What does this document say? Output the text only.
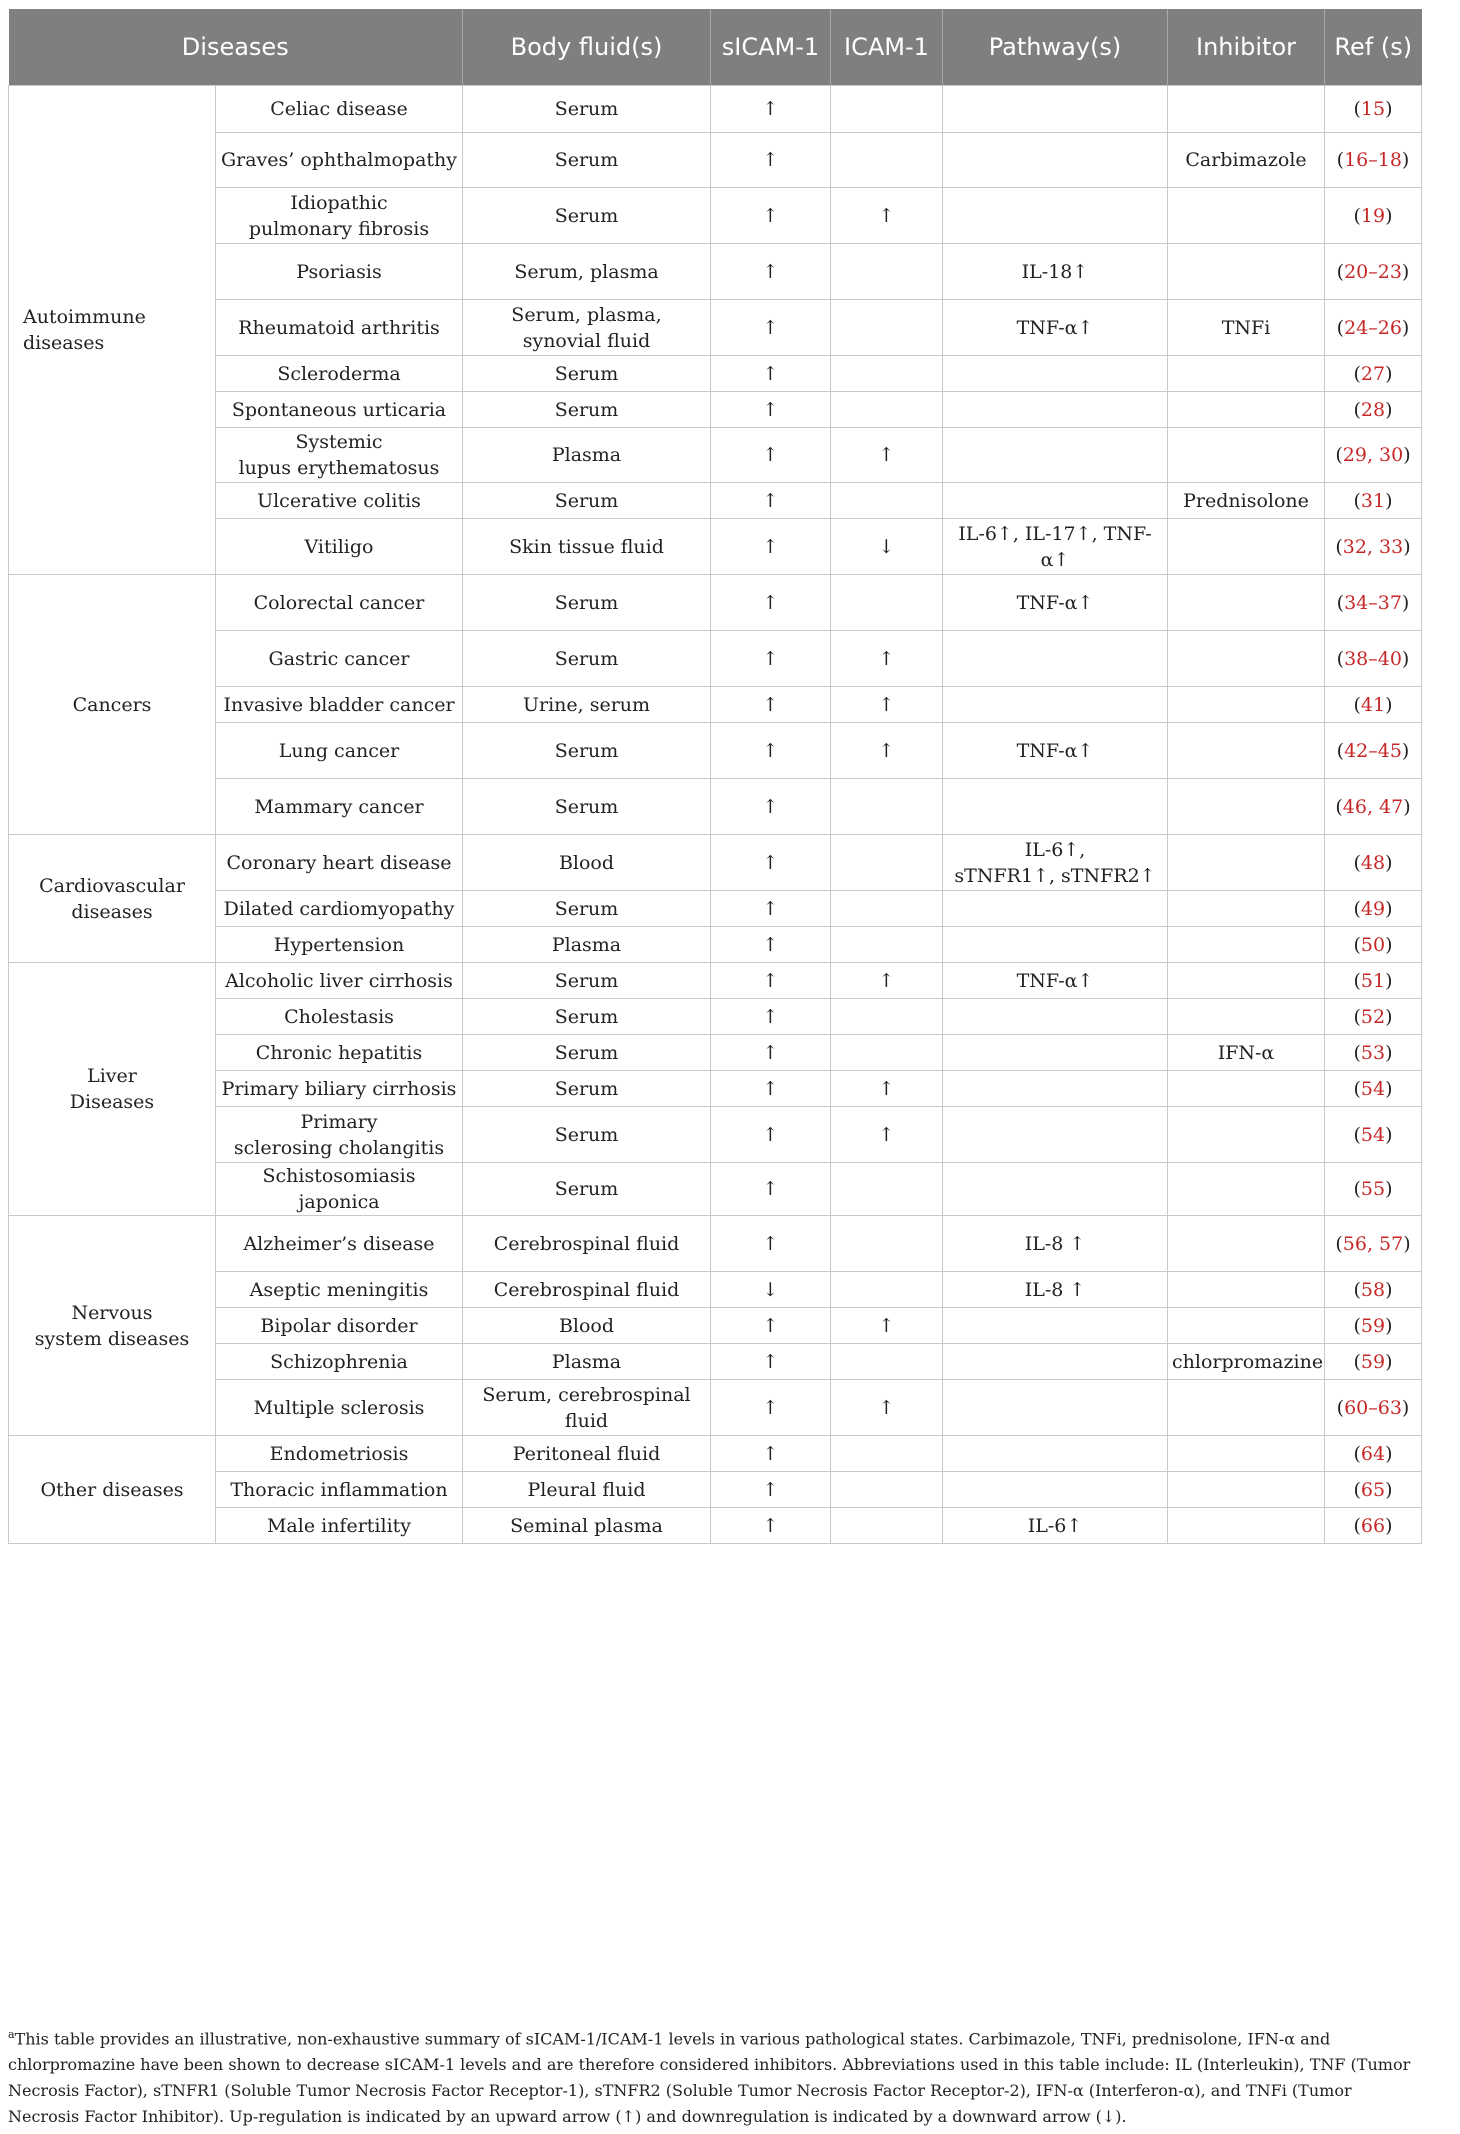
Diseases		Body fluid(s)	sICAM-1	ICAM-1	Pathway(s)	Inhibitor	Ref (s)
Autoimmune diseases	Celiac disease	Serum	↑				(15)
	Graves’ ophthalmopathy	Serum	↑			Carbimazole	(16–18)
	Idiopathic
pulmonary fibrosis	Serum	↑	↑			(19)
	Psoriasis	Serum, plasma	↑		IL-18↑		(20–23)
	Rheumatoid arthritis	Serum, plasma,
synovial fluid	↑		TNF-α↑	TNFi	(24–26)
	Scleroderma	Serum	↑				(27)
	Spontaneous urticaria	Serum	↑				(28)
	Systemic
lupus erythematosus	Plasma	↑	↑			(29, 30)
	Ulcerative colitis	Serum	↑			Prednisolone	(31)
	Vitiligo	Skin tissue fluid	↑	↓	IL-6↑, IL-17↑, TNF-α↑		(32, 33)
Cancers	Colorectal cancer	Serum	↑		TNF-α↑		(34–37)
	Gastric cancer	Serum	↑	↑			(38–40)
	Invasive bladder cancer	Urine, serum	↑	↑			(41)
	Lung cancer	Serum	↑	↑	TNF-α↑		(42–45)
	Mammary cancer	Serum	↑				(46, 47)
Cardiovascular
diseases	Coronary heart disease	Blood	↑		IL-6↑,
sTNFR1↑, sTNFR2↑		(48)
	Dilated cardiomyopathy	Serum	↑				(49)
	Hypertension	Plasma	↑				(50)
Liver
Diseases	Alcoholic liver cirrhosis	Serum	↑	↑	TNF-α↑		(51)
	Cholestasis	Serum	↑				(52)
	Chronic hepatitis	Serum	↑			IFN-α	(53)
	Primary biliary cirrhosis	Serum	↑	↑			(54)
	Primary
sclerosing cholangitis	Serum	↑	↑			(54)
	Schistosomiasis japonica	Serum	↑				(55)
Nervous
system diseases	Alzheimer’s disease	Cerebrospinal fluid	↑		IL-8 ↑		(56, 57)
	Aseptic meningitis	Cerebrospinal fluid	↓		IL-8 ↑		(58)
	Bipolar disorder	Blood	↑	↑			(59)
	Schizophrenia	Plasma	↑			chlorpromazine	(59)
	Multiple sclerosis	Serum, cerebrospinal fluid	↑	↑			(60–63)
Other diseases	Endometriosis	Peritoneal fluid	↑				(64)
	Thoracic inflammation	Pleural fluid	↑				(65)
	Male infertility	Seminal plasma	↑		IL-6↑		(66)
$^a$This table provides an illustrative, non-exhaustive summary of sICAM-1/ICAM-1 levels in various pathological states. Carbimazole, TNFi, prednisolone, IFN-α and chlorpromazine have been shown to decrease sICAM-1 levels and are therefore considered inhibitors. Abbreviations used in this table include: IL (Interleukin), TNF (Tumor Necrosis Factor), sTNFR1 (Soluble Tumor Necrosis Factor Receptor-1), sTNFR2 (Soluble Tumor Necrosis Factor Receptor-2), IFN-α (Interferon-α), and TNFi (Tumor Necrosis Factor Inhibitor). Up-regulation is indicated by an upward arrow (↑) and downregulation is indicated by a downward arrow (↓).
